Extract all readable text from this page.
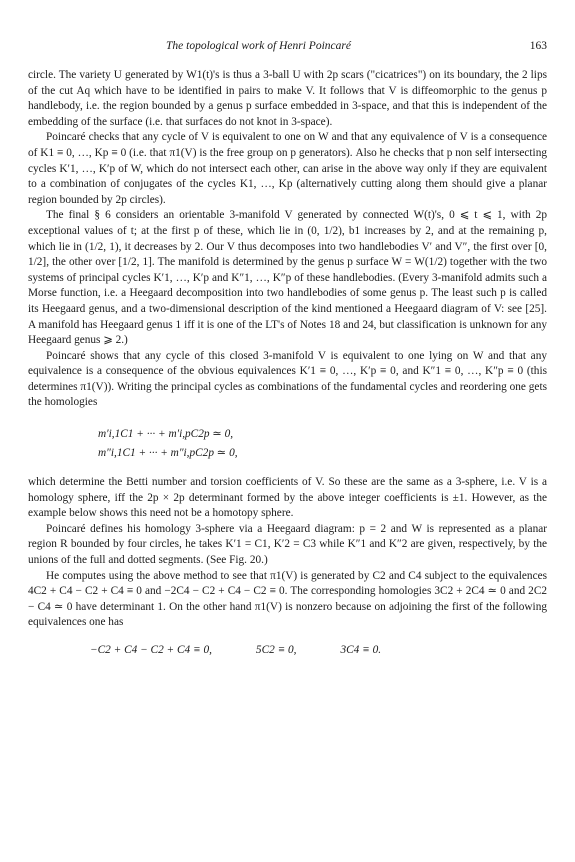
The topological work of Henri Poincaré	163

circle. The variety U generated by W1(t)'s is thus a 3-ball U with 2p scars ("cicatrices") on its boundary, the 2 lips of the cut Aq which have to be identified in pairs to make V. It follows that V is diffeomorphic to the genus p handlebody, i.e. the region bounded by a genus p surface embedded in 3-space, and that this is independent of the embedding of the surface (i.e. that surfaces do not knot in 3-space).

Poincaré checks that any cycle of V is equivalent to one on W and that any equivalence of V is a consequence of K1 ≡ 0, …, Kp ≡ 0 (i.e. that π1(V) is the free group on p generators). Also he checks that p non self intersecting cycles K′1, …, K′p of W, which do not intersect each other, can arise in the above way only if they are equivalent to a combination of conjugates of the cycles K1, …, Kp (alternatively cutting along them should give a planar region bounded by 2p circles).

The final § 6 considers an orientable 3-manifold V generated by connected W(t)'s, 0 ⩽ t ⩽ 1, with 2p exceptional values of t; at the first p of these, which lie in (0, 1/2), b1 increases by 2, and at the remaining p, which lie in (1/2, 1), it decreases by 2. Our V thus decomposes into two handlebodies V′ and V″, the first over [0, 1/2], the other over [1/2, 1]. The manifold is determined by the genus p surface W = W(1/2) together with the two systems of principal cycles K′1, …, K′p and K″1, …, K″p of these handlebodies. (Every 3-manifold admits such a Morse function, i.e. a Heegaard decomposition into two handlebodies of some genus p. The least such p is called its Heegaard genus, and a two-dimensional description of the kind mentioned a Heegaard diagram of V: see [25]. A manifold has Heegaard genus 1 iff it is one of the LT's of Notes 18 and 24, but classification is unknown for any Heegaard genus ⩾ 2.)

Poincaré shows that any cycle of this closed 3-manifold V is equivalent to one lying on W and that any equivalence is a consequence of the obvious equivalences K′1 ≡ 0, …, K′p ≡ 0, and K″1 ≡ 0, …, K″p ≡ 0 (this determines π1(V)). Writing the principal cycles as combinations of the fundamental cycles and reordering one gets the homologies

m′i,1C1 + ··· + m′i,pC2p ≃ 0,
m″i,1C1 + ··· + m″i,pC2p ≃ 0,

which determine the Betti number and torsion coefficients of V. So these are the same as a 3-sphere, i.e. V is a homology sphere, iff the 2p × 2p determinant formed by the above integer coefficients is ±1. However, as the example below shows this need not be a homotopy sphere.

Poincaré defines his homology 3-sphere via a Heegaard diagram: p = 2 and W is represented as a planar region R bounded by four circles, he takes K′1 = C1, K′2 = C3 while K″1 and K″2 are given, respectively, by the unions of the full and dotted segments. (See Fig. 20.)

He computes using the above method to see that π1(V) is generated by C2 and C4 subject to the equivalences 4C2 + C4 − C2 + C4 ≡ 0 and −2C4 − C2 + C4 − C2 ≡ 0. The corresponding homologies 3C2 + 2C4 ≃ 0 and 2C2 − C4 ≃ 0 have determinant 1. On the other hand π1(V) is nonzero because on adjoining the first of the following equivalences one has

−C2 + C4 − C2 + C4 ≡ 0,	5C2 ≡ 0,	3C4 ≡ 0.
